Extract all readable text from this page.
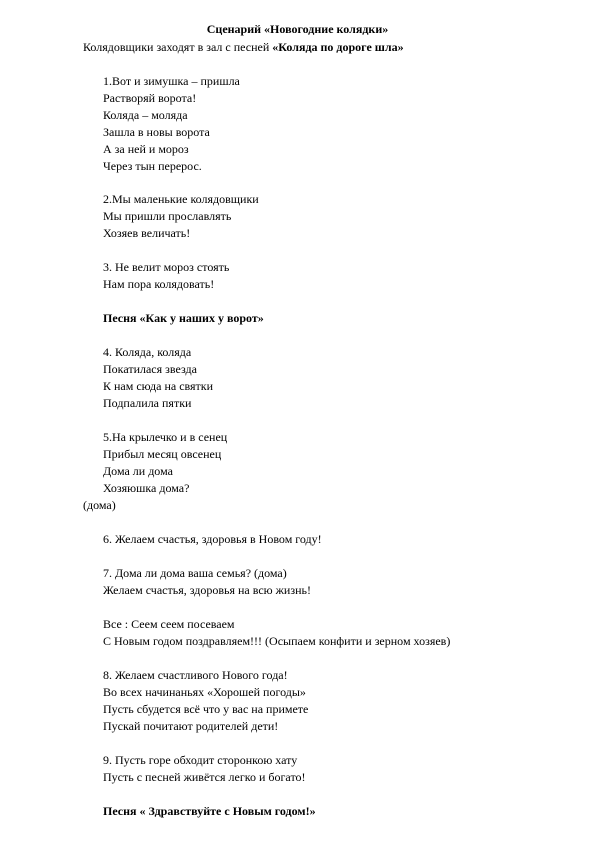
Сценарий «Новогодние колядки»
Колядовщики заходят в зал с песней «Коляда по дороге шла»
1.Вот и зимушка – пришла
Растворяй ворота!
Коляда – моляда
Зашла в новы ворота
А за ней и мороз
Через тын перерос.
2.Мы маленькие колядовщики
Мы пришли прославлять
Хозяев величать!
3. Не велит мороз стоять
Нам пора колядовать!
Песня «Как у наших у ворот»
4. Коляда, коляда
Покатилася звезда
К нам сюда на святки
Подпалила пятки
5.На крылечко и в сенец
Прибыл месяц овсенец
Дома ли дома
Хозяюшка дома?
(дома)
6. Желаем счастья, здоровья в Новом году!
7. Дома ли дома ваша семья? (дома)
Желаем счастья, здоровья на всю жизнь!
Все : Сеем сеем посеваем
С Новым годом поздравляем!!! (Осыпаем конфити и зерном хозяев)
8. Желаем счастливого Нового года!
Во всех начинаньях «Хорошей погоды»
Пусть сбудется всё что у вас на примете
Пускай почитают родителей дети!
9. Пусть горе обходит сторонкою хату
Пусть с песней живётся легко и богато!
Песня « Здравствуйте с Новым годом!»
